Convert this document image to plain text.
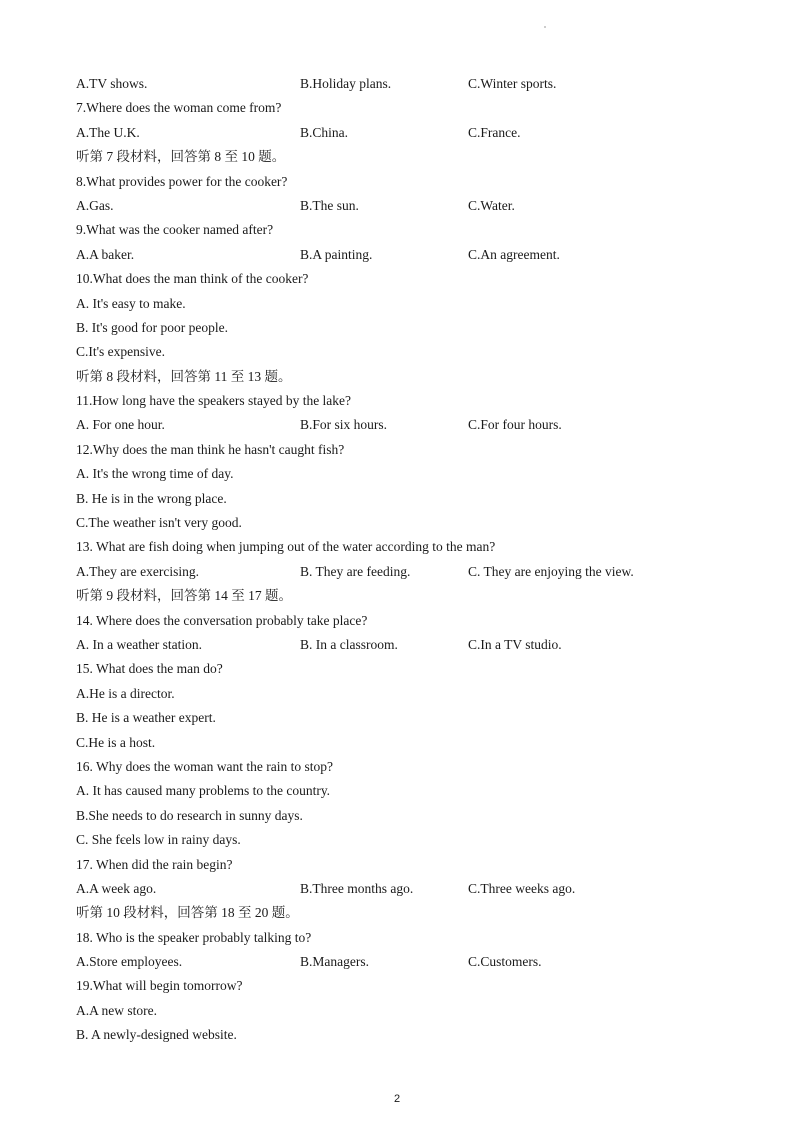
A.TV shows.	B.Holiday plans.	C.Winter sports.
7.Where does the woman come from?
A.The U.K.	B.China.	C.France.
听第 7 段材料，回答第 8 至 10 题。
8.What provides power for the cooker?
A.Gas.	B.The sun.	C.Water.
9.What was the cooker named after?
A.A baker.	B.A painting.	C.An agreement.
10.What does the man think of the cooker?
A. It's easy to make.
B. It's good for poor people.
C.It's expensive.
听第 8 段材料，回答第 11 至 13 题。
11.How long have the speakers stayed by the lake?
A. For one hour.	B.For six hours.	C.For four hours.
12.Why does the man think he hasn't caught fish?
A. It's the wrong time of day.
B. He is in the wrong place.
C.The weather isn't very good.
13. What are fish doing when jumping out of the water according to the man?
A.They are exercising.	B. They are feeding.	C. They are enjoying the view.
听第 9 段材料，回答第 14 至 17 题。
14. Where does the conversation probably take place?
A. In a weather station.	B. In a classroom.	C.In a TV studio.
15. What does the man do?
A.He is a director.
B. He is a weather expert.
C.He is a host.
16. Why does the woman want the rain to stop?
A. It has caused many problems to the country.
B.She needs to do research in sunny days.
C. She fєels low in rainy days.
17. When did the rain begin?
A.A week ago.	B.Three months ago.	C.Three weeks ago.
听第 10 段材料，回答第 18 至 20 题。
18. Who is the speaker probably talking to?
A.Store employees.	B.Managers.	C.Customers.
19.What will begin tomorrow?
A.A new store.
B. A newly-designed website.
2
